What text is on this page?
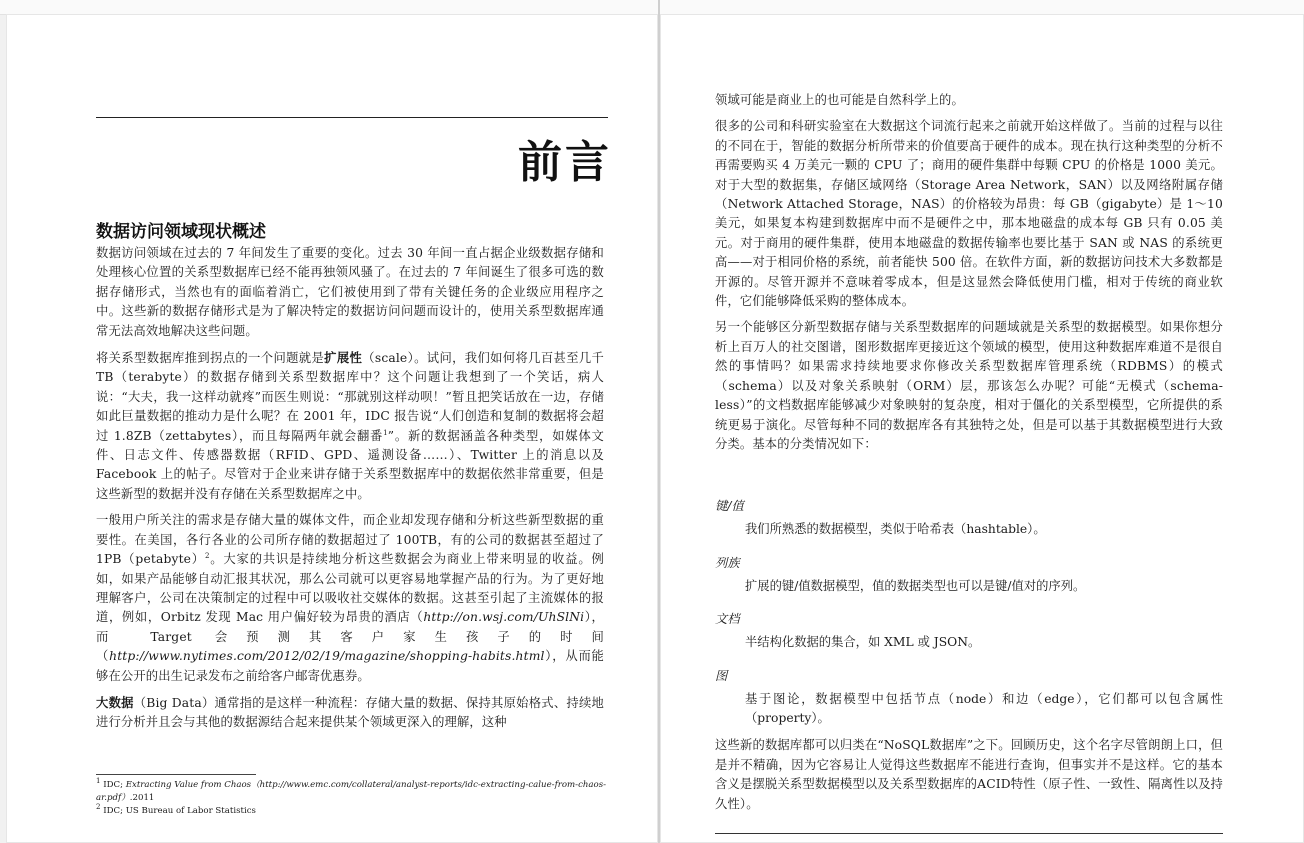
前言
数据访问领域现状概述

数据访问领域在过去的 7 年间发生了重要的变化。过去 30 年间一直占据企业级数据存储和处理核心位置的关系型数据库已经不能再独领风骚了。在过去的 7 年间诞生了很多可选的数据存储形式，当然也有的面临着消亡，它们被使用到了带有关键任务的企业级应用程序之中。这些新的数据存储形式是为了解决特定的数据访问问题而设计的，使用关系型数据库通常无法高效地解决这些问题。

将关系型数据库推到拐点的一个问题就是扩展性（scale）。试问，我们如何将几百甚至几千 TB（terabyte）的数据存储到关系型数据库中？这个问题让我想到了一个笑话，病人说：“大夫，我一这样动就疼”而医生则说：“那就别这样动呗！”暂且把笑话放在一边，存储如此巨量数据的推动力是什么呢？在 2001 年，IDC 报告说“人们创造和复制的数据将会超过 1.8ZB（zettabytes），而且每隔两年就会翻番$^1$”。新的数据涵盖各种类型，如媒体文件、日志文件、传感器数据（RFID、GPD、遥测设备……）、Twitter 上的消息以及 Facebook 上的帖子。尽管对于企业来讲存储于关系型数据库中的数据依然非常重要，但是这些新型的数据并没有存储在关系型数据库之中。

一般用户所关注的需求是存储大量的媒体文件，而企业却发现存储和分析这些新型数据的重要性。在美国，各行各业的公司所存储的数据超过了 100TB，有的公司的数据甚至超过了 1PB（petabyte）$^2$。大家的共识是持续地分析这些数据会为商业上带来明显的收益。例如，如果产品能够自动汇报其状况，那么公司就可以更容易地掌握产品的行为。为了更好地理解客户，公司在决策制定的过程中可以吸收社交媒体的数据。这甚至引起了主流媒体的报道，例如，Orbitz 发现 Mac 用户偏好较为昂贵的酒店（http://on.wsj.com/UhSlNi），而 Target 会预测其客户家生孩子的时间（http://www.nytimes.com/2012/02/19/magazine/shopping-habits.html），从而能够在公开的出生记录发布之前给客户邮寄优惠券。

大数据（Big Data）通常指的是这样一种流程：存储大量的数据、保持其原始格式、持续地进行分析并且会与其他的数据源结合起来提供某个领域更深入的理解，这种

$^1$ IDC; Extracting Value from Chaos（http://www.emc.com/collateral/analyst-reports/idc-extracting-calue-from-chaos-ar.pdf）.2011
$^2$ IDC; US Bureau of Labor Statistics

领域可能是商业上的也可能是自然科学上的。

很多的公司和科研实验室在大数据这个词流行起来之前就开始这样做了。当前的过程与以往的不同在于，智能的数据分析所带来的价值要高于硬件的成本。现在执行这种类型的分析不再需要购买 4 万美元一颗的 CPU 了；商用的硬件集群中每颗 CPU 的价格是 1000 美元。对于大型的数据集，存储区域网络（Storage Area Network，SAN）以及网络附属存储（Network Attached Storage，NAS）的价格较为昂贵：每 GB（gigabyte）是 1～10 美元，如果复本构建到数据库中而不是硬件之中，那本地磁盘的成本每 GB 只有 0.05 美元。对于商用的硬件集群，使用本地磁盘的数据传输率也要比基于 SAN 或 NAS 的系统更高——对于相同价格的系统，前者能快 500 倍。在软件方面，新的数据访问技术大多数都是开源的。尽管开源并不意味着零成本，但是这显然会降低使用门槛，相对于传统的商业软件，它们能够降低采购的整体成本。

另一个能够区分新型数据存储与关系型数据库的问题域就是关系型的数据模型。如果你想分析上百万人的社交图谱，图形数据库更接近这个领域的模型，使用这种数据库难道不是很自然的事情吗？如果需求持续地要求你修改关系型数据库管理系统（RDBMS）的模式（schema）以及对象关系映射（ORM）层，那该怎么办呢？可能“无模式（schema-less）”的文档数据库能够减少对象映射的复杂度，相对于僵化的关系型模型，它所提供的系统更易于演化。尽管每种不同的数据库各有其独特之处，但是可以基于其数据模型进行大致分类。基本的分类情况如下：

键/值
我们所熟悉的数据模型，类似于哈希表（hashtable）。
列族
扩展的键/值数据模型，值的数据类型也可以是键/值对的序列。
文档
半结构化数据的集合，如 XML 或 JSON。
图
基于图论，数据模型中包括节点（node）和边（edge），它们都可以包含属性（property）。

这些新的数据库都可以归类在“NoSQL数据库”之下。回顾历史，这个名字尽管朗朗上口，但是并不精确，因为它容易让人觉得这些数据库不能进行查询，但事实并不是这样。它的基本含义是摆脱关系型数据模型以及关系型数据库的ACID特性（原子性、一致性、隔离性以及持久性）。
